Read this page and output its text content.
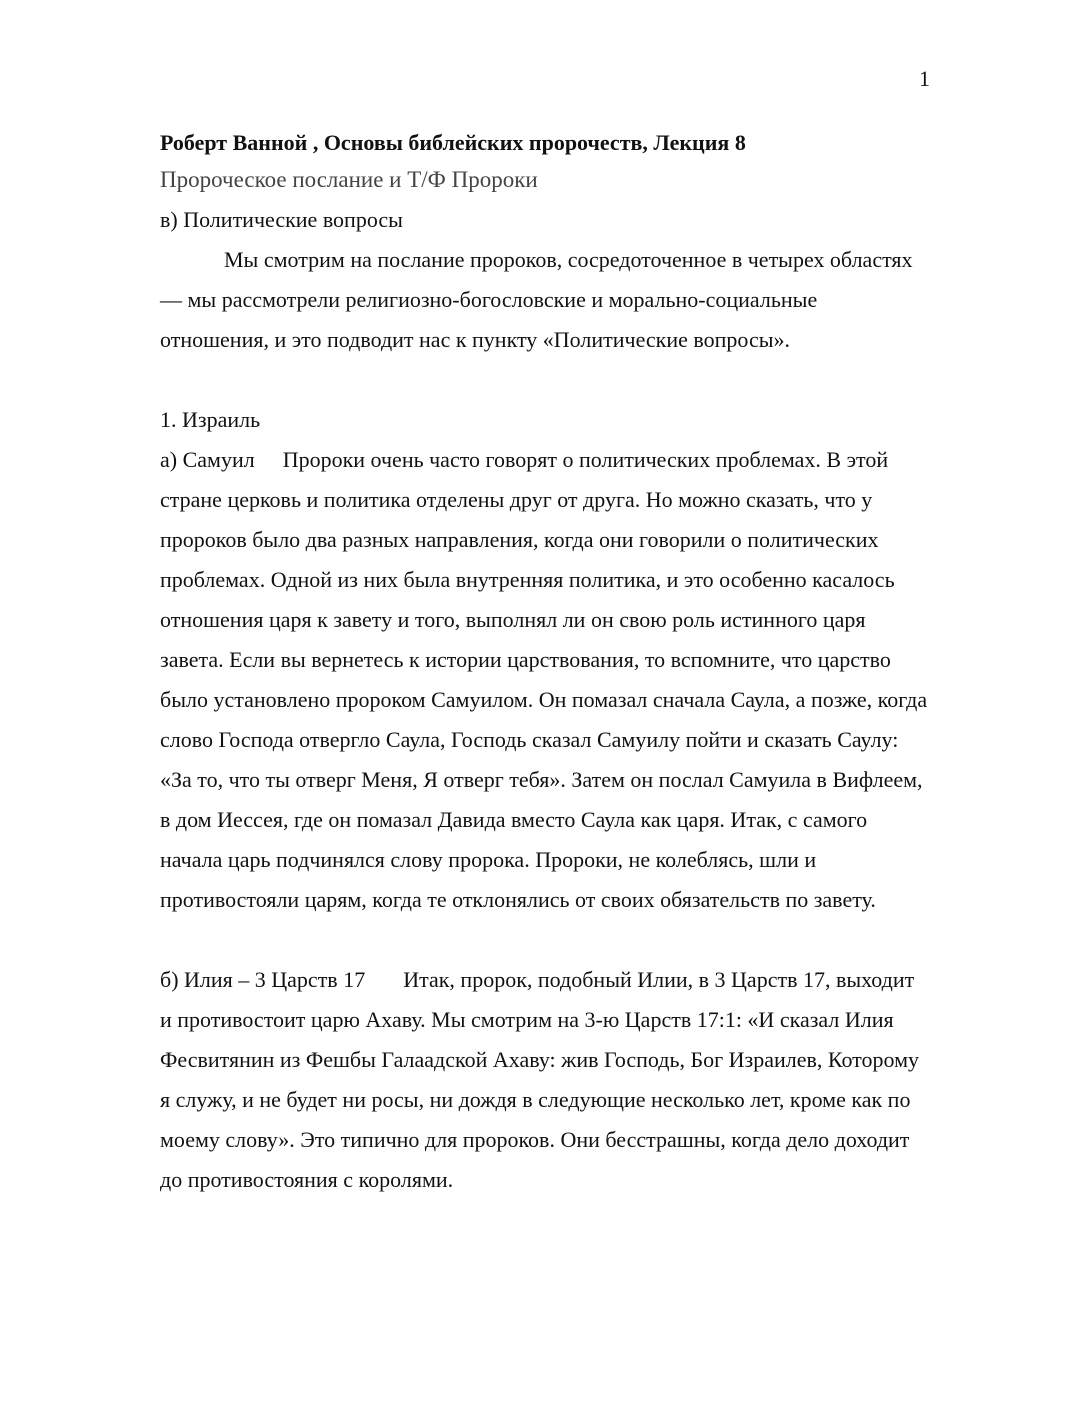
1

Роберт Ванной , Основы библейских пророчеств, Лекция 8

Пророческое послание и Т/Ф Пророки

в) Политические вопросы

Мы смотрим на послание пророков, сосредоточенное в четырех областях — мы рассмотрели религиозно-богословские и морально-социальные отношения, и это подводит нас к пункту «Политические вопросы».

1. Израиль

а) Самуил Пророки очень часто говорят о политических проблемах. В этой стране церковь и политика отделены друг от друга. Но можно сказать, что у пророков было два разных направления, когда они говорили о политических проблемах. Одной из них была внутренняя политика, и это особенно касалось отношения царя к завету и того, выполнял ли он свою роль истинного царя завета. Если вы вернетесь к истории царствования, то вспомните, что царство было установлено пророком Самуилом. Он помазал сначала Саула, а позже, когда слово Господа отвергло Саула, Господь сказал Самуилу пойти и сказать Саулу: «За то, что ты отверг Меня, Я отверг тебя». Затем он послал Самуила в Вифлеем, в дом Иессея, где он помазал Давида вместо Саула как царя. Итак, с самого начала царь подчинялся слову пророка. Пророки, не колеблясь, шли и противостояли царям, когда те отклонялись от своих обязательств по завету.

б) Илия – 3 Царств 17 Итак, пророк, подобный Илии, в 3 Царств 17, выходит и противостоит царю Ахаву. Мы смотрим на 3-ю Царств 17:1: «И сказал Илия Фесвитянин из Фешбы Галаадской Ахаву: жив Господь, Бог Израилев, Которому я служу, и не будет ни росы, ни дождя в следующие несколько лет, кроме как по моему слову». Это типично для пророков. Они бесстрашны, когда дело доходит до противостояния с королями.
